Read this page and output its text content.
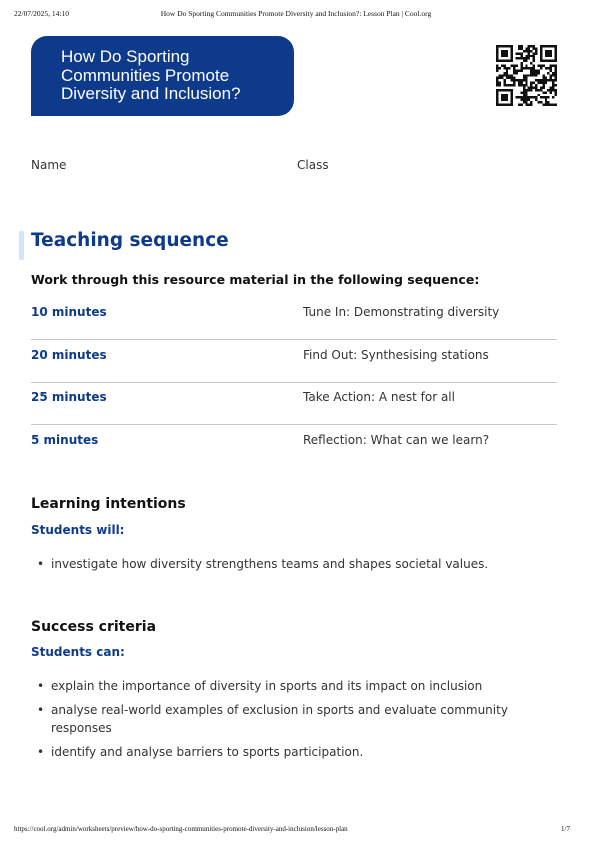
22/07/2025, 14:10	How Do Sporting Communities Promote Diversity and Inclusion?: Lesson Plan | Cool.org
How Do Sporting Communities Promote Diversity and Inclusion?
Name	Class
Teaching sequence
Work through this resource material in the following sequence:
10 minutes	Tune In: Demonstrating diversity
20 minutes	Find Out: Synthesising stations
25 minutes	Take Action: A nest for all
5 minutes	Reflection: What can we learn?
Learning intentions
Students will:
• investigate how diversity strengthens teams and shapes societal values.
Success criteria
Students can:
• explain the importance of diversity in sports and its impact on inclusion
• analyse real-world examples of exclusion in sports and evaluate community responses
• identify and analyse barriers to sports participation.
https://cool.org/admin/worksheets/preview/how-do-sporting-communities-promote-diversity-and-inclusion/lesson-plan	1/7
